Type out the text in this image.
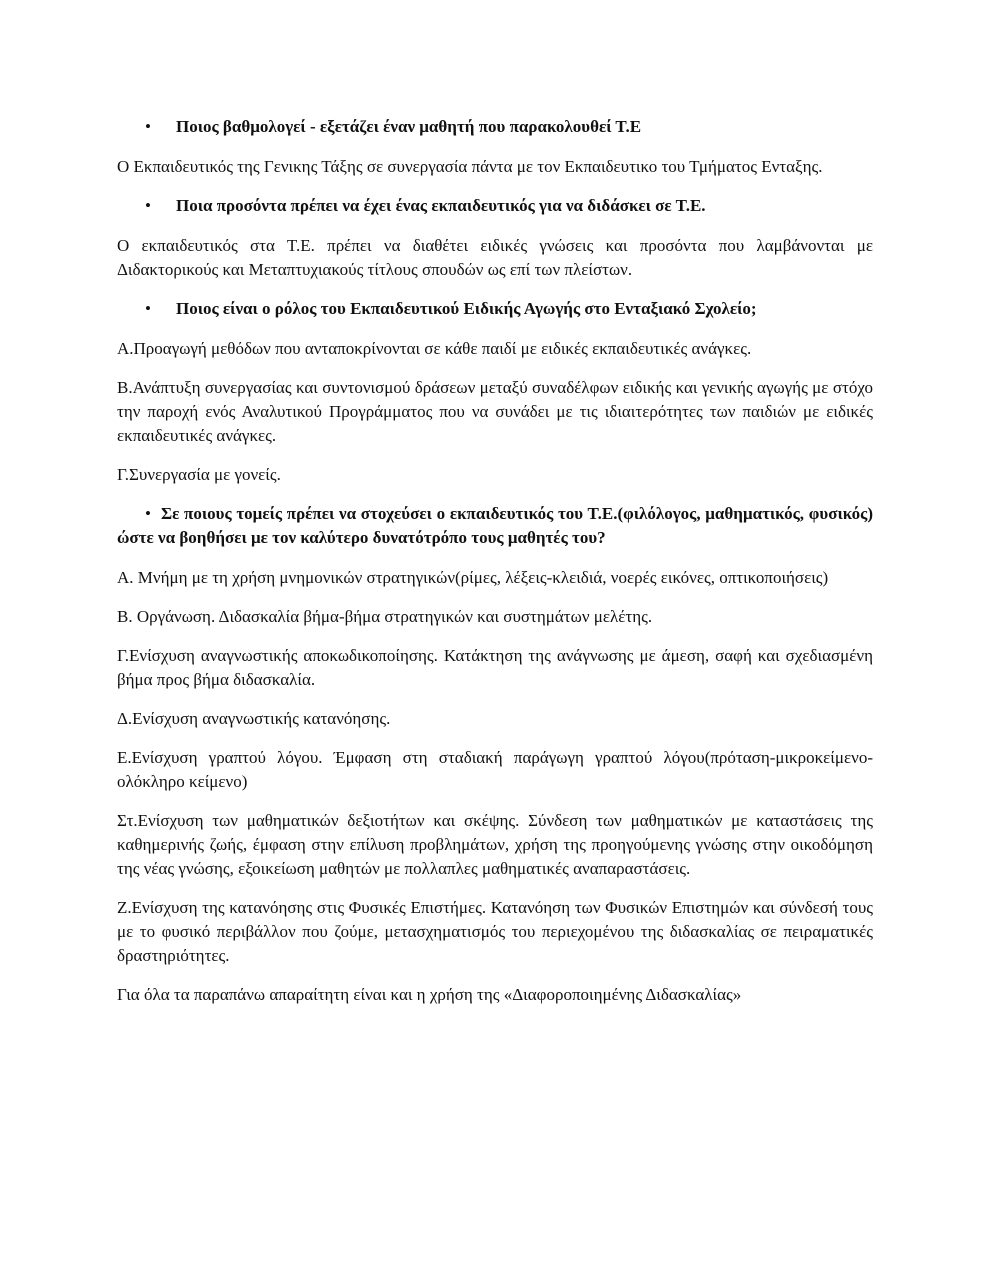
• Ποιος βαθμολογεί - εξετάζει έναν μαθητή που παρακολουθεί Τ.Ε
Ο Εκπαιδευτικός της Γενικης Τάξης σε συνεργασία πάντα με τον Εκπαιδευτικο του Τμήματος Ενταξης.
• Ποια προσόντα πρέπει να έχει ένας εκπαιδευτικός για να διδάσκει σε Τ.Ε.
Ο εκπαιδευτικός στα Τ.Ε. πρέπει να διαθέτει ειδικές γνώσεις και προσόντα που λαμβάνονται με Διδακτορικούς και Μεταπτυχιακούς τίτλους σπουδών ως επί των πλείστων.
• Ποιος είναι ο ρόλος του Εκπαιδευτικού Ειδικής Αγωγής στο Ενταξιακό Σχολείο;
Α.Προαγωγή μεθόδων που ανταποκρίνονται σε κάθε παιδί με ειδικές εκπαιδευτικές ανάγκες.
Β.Ανάπτυξη συνεργασίας και συντονισμού δράσεων μεταξύ συναδέλφων ειδικής και γενικής αγωγής με στόχο την παροχή ενός Αναλυτικού Προγράμματος που να συνάδει με τις ιδιαιτερότητες των παιδιών με ειδικές εκπαιδευτικές ανάγκες.
Γ.Συνεργασία με γονείς.
• Σε ποιους τομείς πρέπει να στοχεύσει ο εκπαιδευτικός του Τ.Ε.(φιλόλογος, μαθηματικός, φυσικός) ώστε να βοηθήσει με τον καλύτερο δυνατότρόπο τους μαθητές του?
Α. Μνήμη με τη χρήση μνημονικών στρατηγικών(ρίμες, λέξεις-κλειδιά, νοερές εικόνες, οπτικοποιήσεις)
Β. Οργάνωση. Διδασκαλία βήμα-βήμα στρατηγικών και συστημάτων μελέτης.
Γ.Ενίσχυση αναγνωστικής αποκωδικοποίησης. Κατάκτηση της ανάγνωσης με άμεση, σαφή και σχεδιασμένη βήμα προς βήμα διδασκαλία.
Δ.Ενίσχυση αναγνωστικής κατανόησης.
Ε.Ενίσχυση γραπτού λόγου. Έμφαση στη σταδιακή παράγωγη γραπτού λόγου(πρόταση-μικροκείμενο-ολόκληρο κείμενο)
Στ.Ενίσχυση των μαθηματικών δεξιοτήτων και σκέψης. Σύνδεση των μαθηματικών με καταστάσεις της καθημερινής ζωής, έμφαση στην επίλυση προβλημάτων, χρήση της προηγούμενης γνώσης στην οικοδόμηση της νέας γνώσης, εξοικείωση μαθητών με πολλαπλες μαθηματικές αναπαραστάσεις.
Ζ.Ενίσχυση της κατανόησης στις Φυσικές Επιστήμες. Κατανόηση των Φυσικών Επιστημών και σύνδεσή τους με το φυσικό περιβάλλον που ζούμε, μετασχηματισμός του περιεχομένου της διδασκαλίας σε πειραματικές δραστηριότητες.
Για όλα τα παραπάνω απαραίτητη είναι και η χρήση της «Διαφοροποιημένης Διδασκαλίας»
